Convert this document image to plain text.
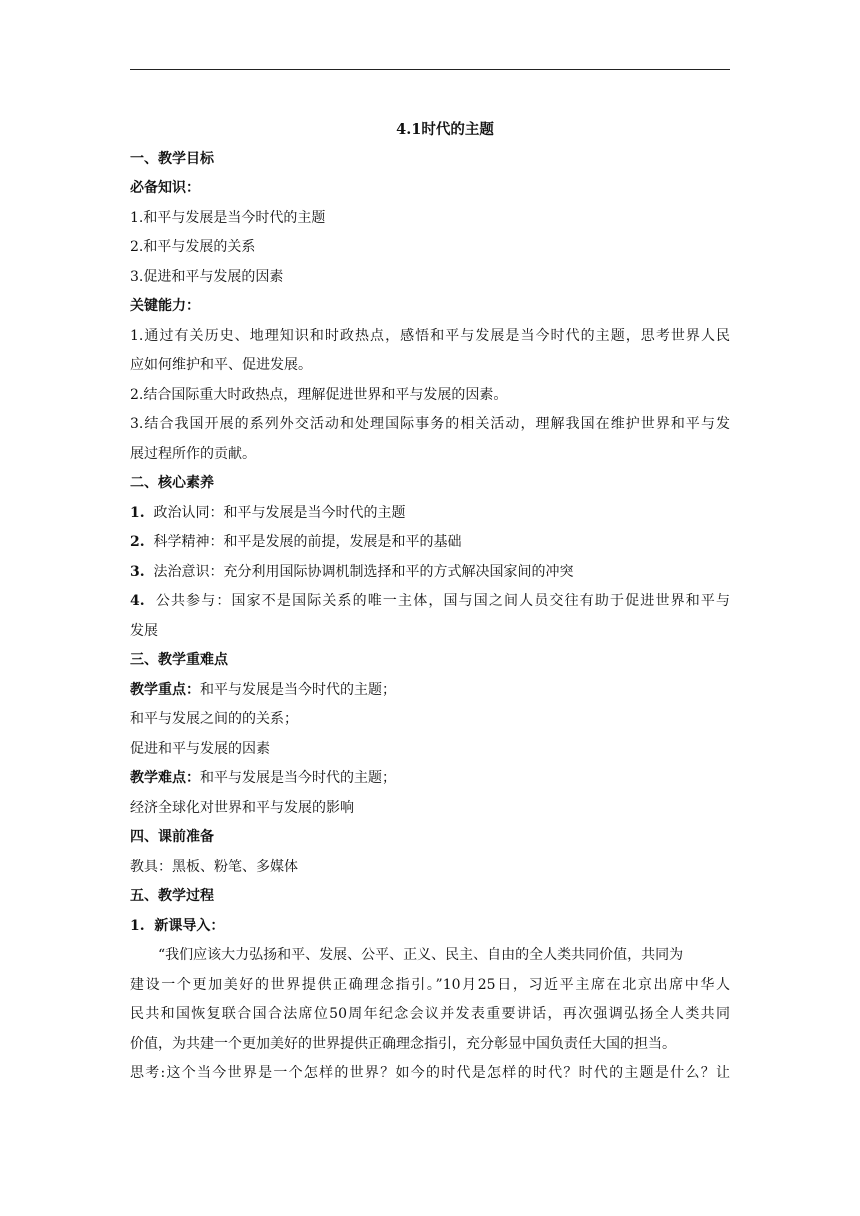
4.1时代的主题
一、教学目标
必备知识：
1.和平与发展是当今时代的主题
2.和平与发展的关系
3.促进和平与发展的因素
关键能力：
1.通过有关历史、地理知识和时政热点，感悟和平与发展是当今时代的主题，思考世界人民
应如何维护和平、促进发展。
2.结合国际重大时政热点，理解促进世界和平与发展的因素。
3.结合我国开展的系列外交活动和处理国际事务的相关活动，理解我国在维护世界和平与发
展过程所作的贡献。
二、核心素养
1. 政治认同：和平与发展是当今时代的主题
2. 科学精神：和平是发展的前提，发展是和平的基础
3. 法治意识：充分利用国际协调机制选择和平的方式解决国家间的冲突
4. 公共参与：国家不是国际关系的唯一主体，国与国之间人员交往有助于促进世界和平与
发展
三、教学重难点
教学重点：和平与发展是当今时代的主题；
和平与发展之间的的关系；
促进和平与发展的因素
教学难点：和平与发展是当今时代的主题；
经济全球化对世界和平与发展的影响
四、课前准备
教具：黑板、粉笔、多媒体
五、教学过程
1.  新课导入：
“我们应该大力弘扬和平、发展、公平、正义、民主、自由的全人类共同价值，共同为
建设一个更加美好的世界提供正确理念指引。”10月25日，习近平主席在北京出席中华人
民共和国恢复联合国合法席位50周年纪念会议并发表重要讲话，再次强调弘扬全人类共同
价值，为共建一个更加美好的世界提供正确理念指引，充分彰显中国负责任大国的担当。
思考:这个当今世界是一个怎样的世界？如今的时代是怎样的时代？时代的主题是什么？让
